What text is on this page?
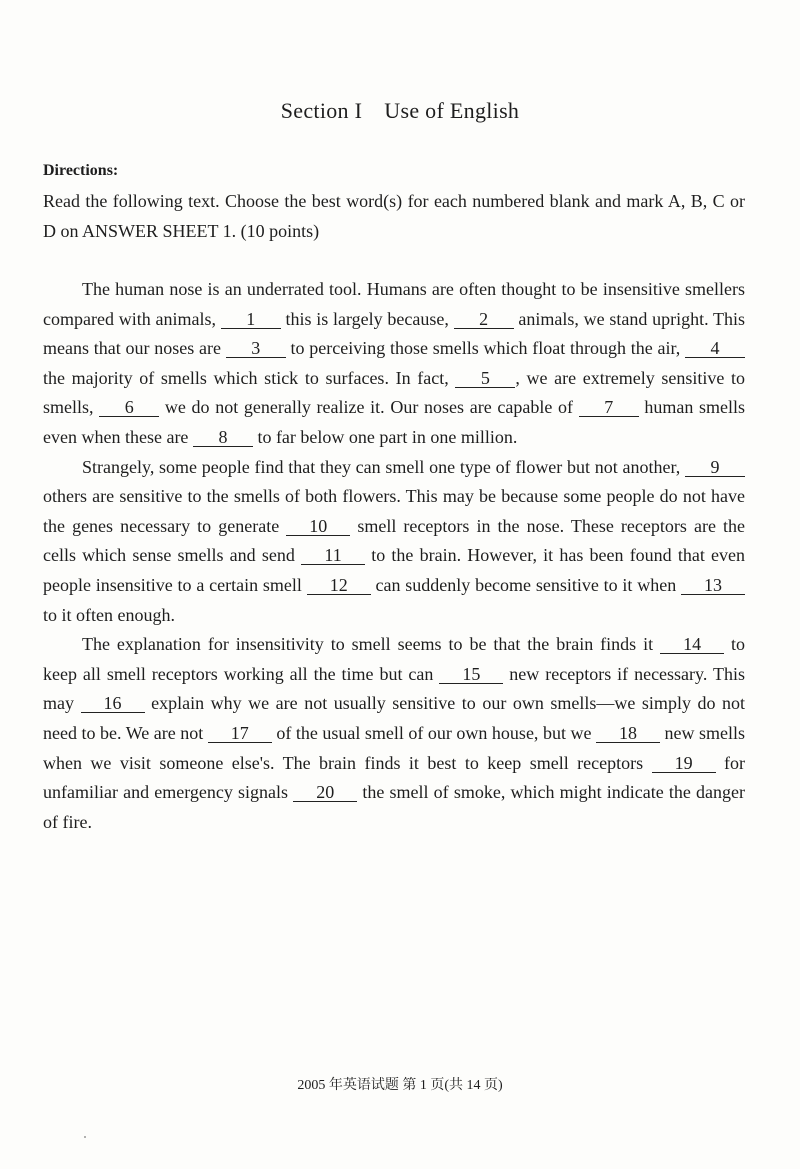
Section I Use of English
Directions:
Read the following text. Choose the best word(s) for each numbered blank and mark A, B, C or D on ANSWER SHEET 1. (10 points)

The human nose is an underrated tool. Humans are often thought to be insensitive smellers compared with animals, 1 this is largely because, 2 animals, we stand upright. This means that our noses are 3 to perceiving those smells which float through the air, 4 the majority of smells which stick to surfaces. In fact, 5 , we are extremely sensitive to smells, 6 we do not generally realize it. Our noses are capable of 7 human smells even when these are 8 to far below one part in one million.

Strangely, some people find that they can smell one type of flower but not another, 9 others are sensitive to the smells of both flowers. This may be because some people do not have the genes necessary to generate 10 smell receptors in the nose. These receptors are the cells which sense smells and send 11 to the brain. However, it has been found that even people insensitive to a certain smell 12 can suddenly become sensitive to it when 13 to it often enough.

The explanation for insensitivity to smell seems to be that the brain finds it 14 to keep all smell receptors working all the time but can 15 new receptors if necessary. This may 16 explain why we are not usually sensitive to our own smells—we simply do not need to be. We are not 17 of the usual smell of our own house, but we 18 new smells when we visit someone else's. The brain finds it best to keep smell receptors 19 for unfamiliar and emergency signals 20 the smell of smoke, which might indicate the danger of fire.

2005 年英语试题 第 1 页(共 14 页)
